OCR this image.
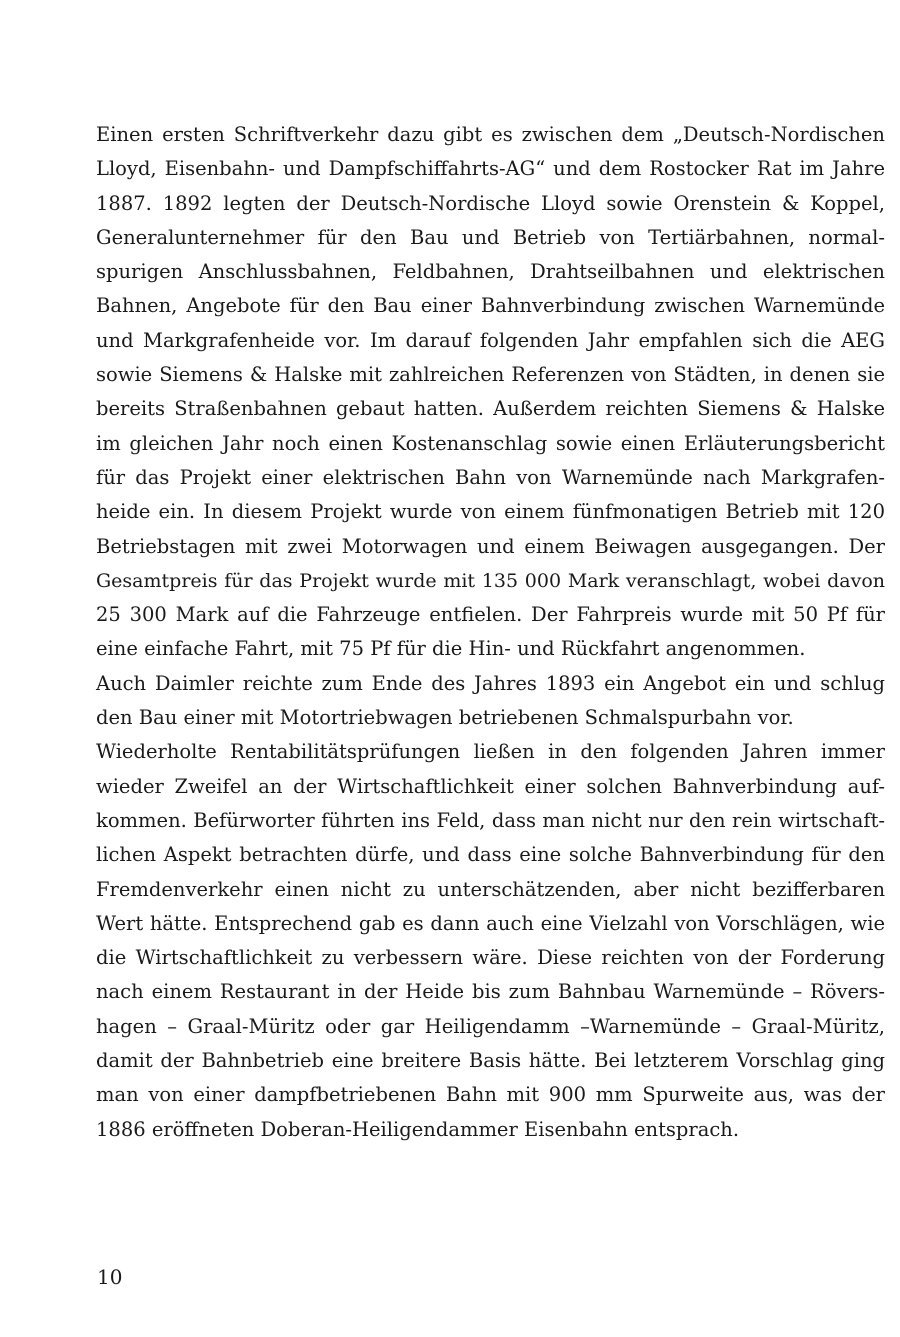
Einen ersten Schriftverkehr dazu gibt es zwischen dem „Deutsch-Nordischen
Lloyd, Eisenbahn- und Dampfschiffahrts-AG“ und dem Rostocker Rat im Jahre
1887. 1892 legten der Deutsch-Nordische Lloyd sowie Orenstein & Koppel,
Generalunternehmer für den Bau und Betrieb von Tertiärbahnen, normal-
spurigen Anschlussbahnen, Feldbahnen, Drahtseilbahnen und elektrischen
Bahnen, Angebote für den Bau einer Bahnverbindung zwischen Warnemünde
und Markgrafenheide vor. Im darauf folgenden Jahr empfahlen sich die AEG
sowie Siemens & Halske mit zahlreichen Referenzen von Städten, in denen sie
bereits Straßenbahnen gebaut hatten. Außerdem reichten Siemens & Halske
im gleichen Jahr noch einen Kostenanschlag sowie einen Erläuterungsbericht
für das Projekt einer elektrischen Bahn von Warnemünde nach Markgrafen-
heide ein. In diesem Projekt wurde von einem fünfmonatigen Betrieb mit 120
Betriebstagen mit zwei Motorwagen und einem Beiwagen ausgegangen. Der
Gesamtpreis für das Projekt wurde mit 135 000 Mark veranschlagt, wobei davon
25 300 Mark auf die Fahrzeuge entfielen. Der Fahrpreis wurde mit 50 Pf für
eine einfache Fahrt, mit 75 Pf für die Hin- und Rückfahrt angenommen.
Auch Daimler reichte zum Ende des Jahres 1893 ein Angebot ein und schlug
den Bau einer mit Motortriebwagen betriebenen Schmalspurbahn vor.
Wiederholte Rentabilitätsprüfungen ließen in den folgenden Jahren immer
wieder Zweifel an der Wirtschaftlichkeit einer solchen Bahnverbindung auf-
kommen. Befürworter führten ins Feld, dass man nicht nur den rein wirtschaft-
lichen Aspekt betrachten dürfe, und dass eine solche Bahnverbindung für den
Fremdenverkehr einen nicht zu unterschätzenden, aber nicht bezifferbaren
Wert hätte. Entsprechend gab es dann auch eine Vielzahl von Vorschlägen, wie
die Wirtschaftlichkeit zu verbessern wäre. Diese reichten von der Forderung
nach einem Restaurant in der Heide bis zum Bahnbau Warnemünde – Rövers-
hagen – Graal-Müritz oder gar Heiligendamm –Warnemünde – Graal-Müritz,
damit der Bahnbetrieb eine breitere Basis hätte. Bei letzterem Vorschlag ging
man von einer dampfbetriebenen Bahn mit 900 mm Spurweite aus, was der
1886 eröffneten Doberan-Heiligendammer Eisenbahn entsprach.
10
